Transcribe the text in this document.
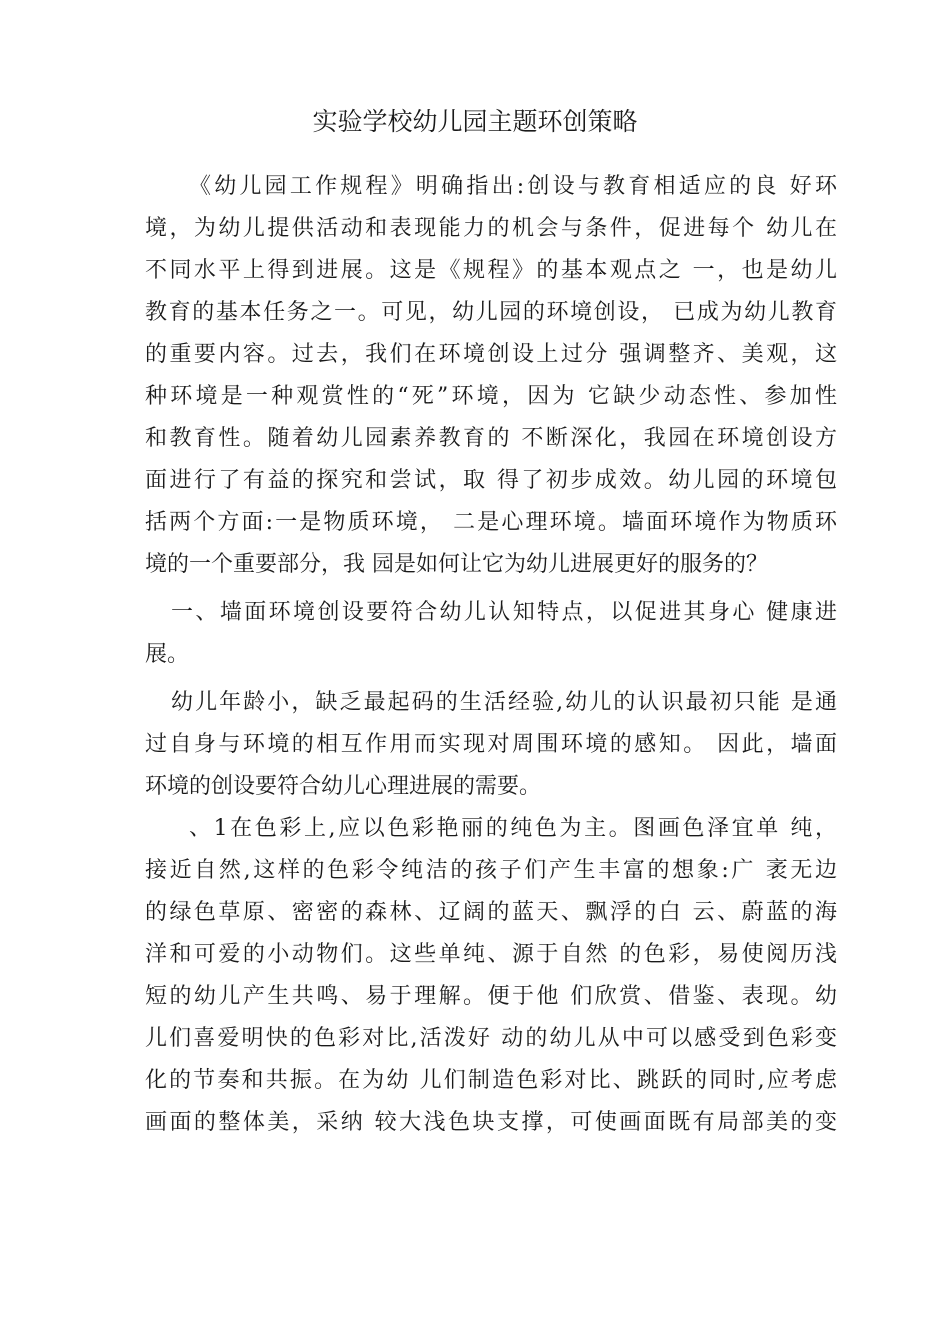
实验学校幼儿园主题环创策略
《幼儿园工作规程》明确指出:创设与教育相适应的良 好环
境，为幼儿提供活动和表现能力的机会与条件，促进每个 幼儿在
不同水平上得到进展。这是《规程》的基本观点之 一，也是幼儿
教育的基本任务之一。可见，幼儿园的环境创设， 已成为幼儿教育
的重要内容。过去，我们在环境创设上过分 强调整齐、美观，这
种环境是一种观赏性的“死”环境，因为 它缺少动态性、参加性
和教育性。随着幼儿园素养教育的 不断深化，我园在环境创设方
面进行了有益的探究和尝试，取 得了初步成效。幼儿园的环境包
括两个方面:一是物质环境， 二是心理环境。墙面环境作为物质环
境的一个重要部分，我 园是如何让它为幼儿进展更好的服务的？
一、墙面环境创设要符合幼儿认知特点，以促进其身心 健康进
展。
幼儿年龄小，缺乏最起码的生活经验,幼儿的认识最初只能 是通
过自身与环境的相互作用而实现对周围环境的感知。 因此，墙面
环境的创设要符合幼儿心理进展的需要。
、1在色彩上,应以色彩艳丽的纯色为主。图画色泽宜单 纯，
接近自然,这样的色彩令纯洁的孩子们产生丰富的想象:广 袤无边
的绿色草原、密密的森林、辽阔的蓝天、飘浮的白 云、蔚蓝的海
洋和可爱的小动物们。这些单纯、源于自然 的色彩，易使阅历浅
短的幼儿产生共鸣、易于理解。便于他 们欣赏、借鉴、表现。幼
儿们喜爱明快的色彩对比,活泼好 动的幼儿从中可以感受到色彩变
化的节奏和共振。在为幼 儿们制造色彩对比、跳跃的同时,应考虑
画面的整体美，采纳 较大浅色块支撑，可使画面既有局部美的变
